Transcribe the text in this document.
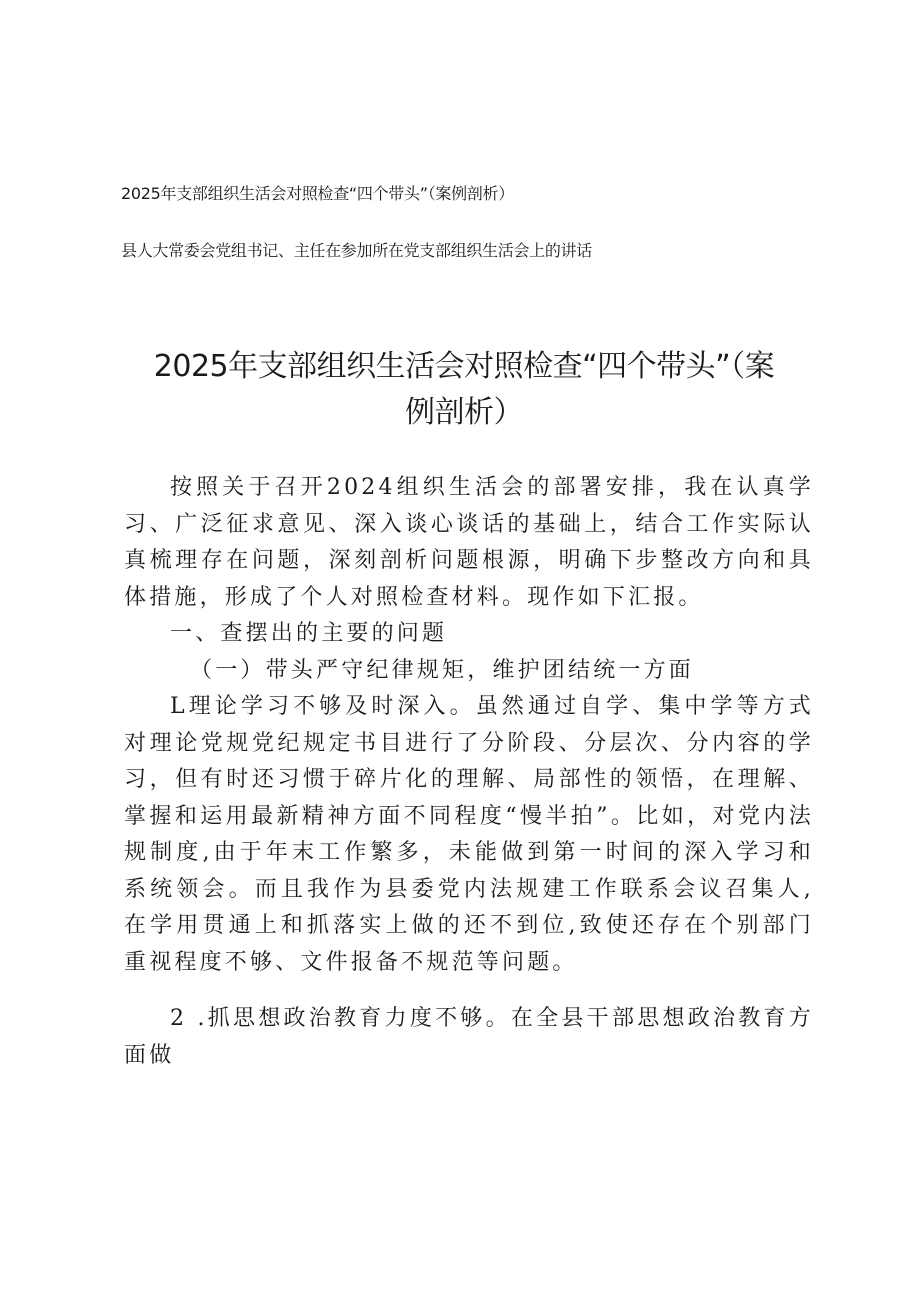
2025年支部组织生活会对照检查“四个带头”（案例剖析）
县人大常委会党组书记、主任在参加所在党支部组织生活会上的讲话
2025年支部组织生活会对照检查“四个带头”（案例剖析）

按照关于召开2024组织生活会的部署安排，我在认真学习、广泛征求意见、深入谈心谈话的基础上，结合工作实际认真梳理存在问题，深刻剖析问题根源，明确下步整改方向和具体措施，形成了个人对照检查材料。现作如下汇报。

一、查摆出的主要的问题

（一）带头严守纪律规矩，维护团结统一方面

L理论学习不够及时深入。虽然通过自学、集中学等方式对理论党规党纪规定书目进行了分阶段、分层次、分内容的学习，但有时还习惯于碎片化的理解、局部性的领悟，在理解、掌握和运用最新精神方面不同程度“慢半拍”。比如，对党内法规制度,由于年末工作繁多，未能做到第一时间的深入学习和系统领会。而且我作为县委党内法规建工作联系会议召集人,在学用贯通上和抓落实上做的还不到位,致使还存在个别部门重视程度不够、文件报备不规范等问题。

2 .抓思想政治教育力度不够。在全县干部思想政治教育方面做
